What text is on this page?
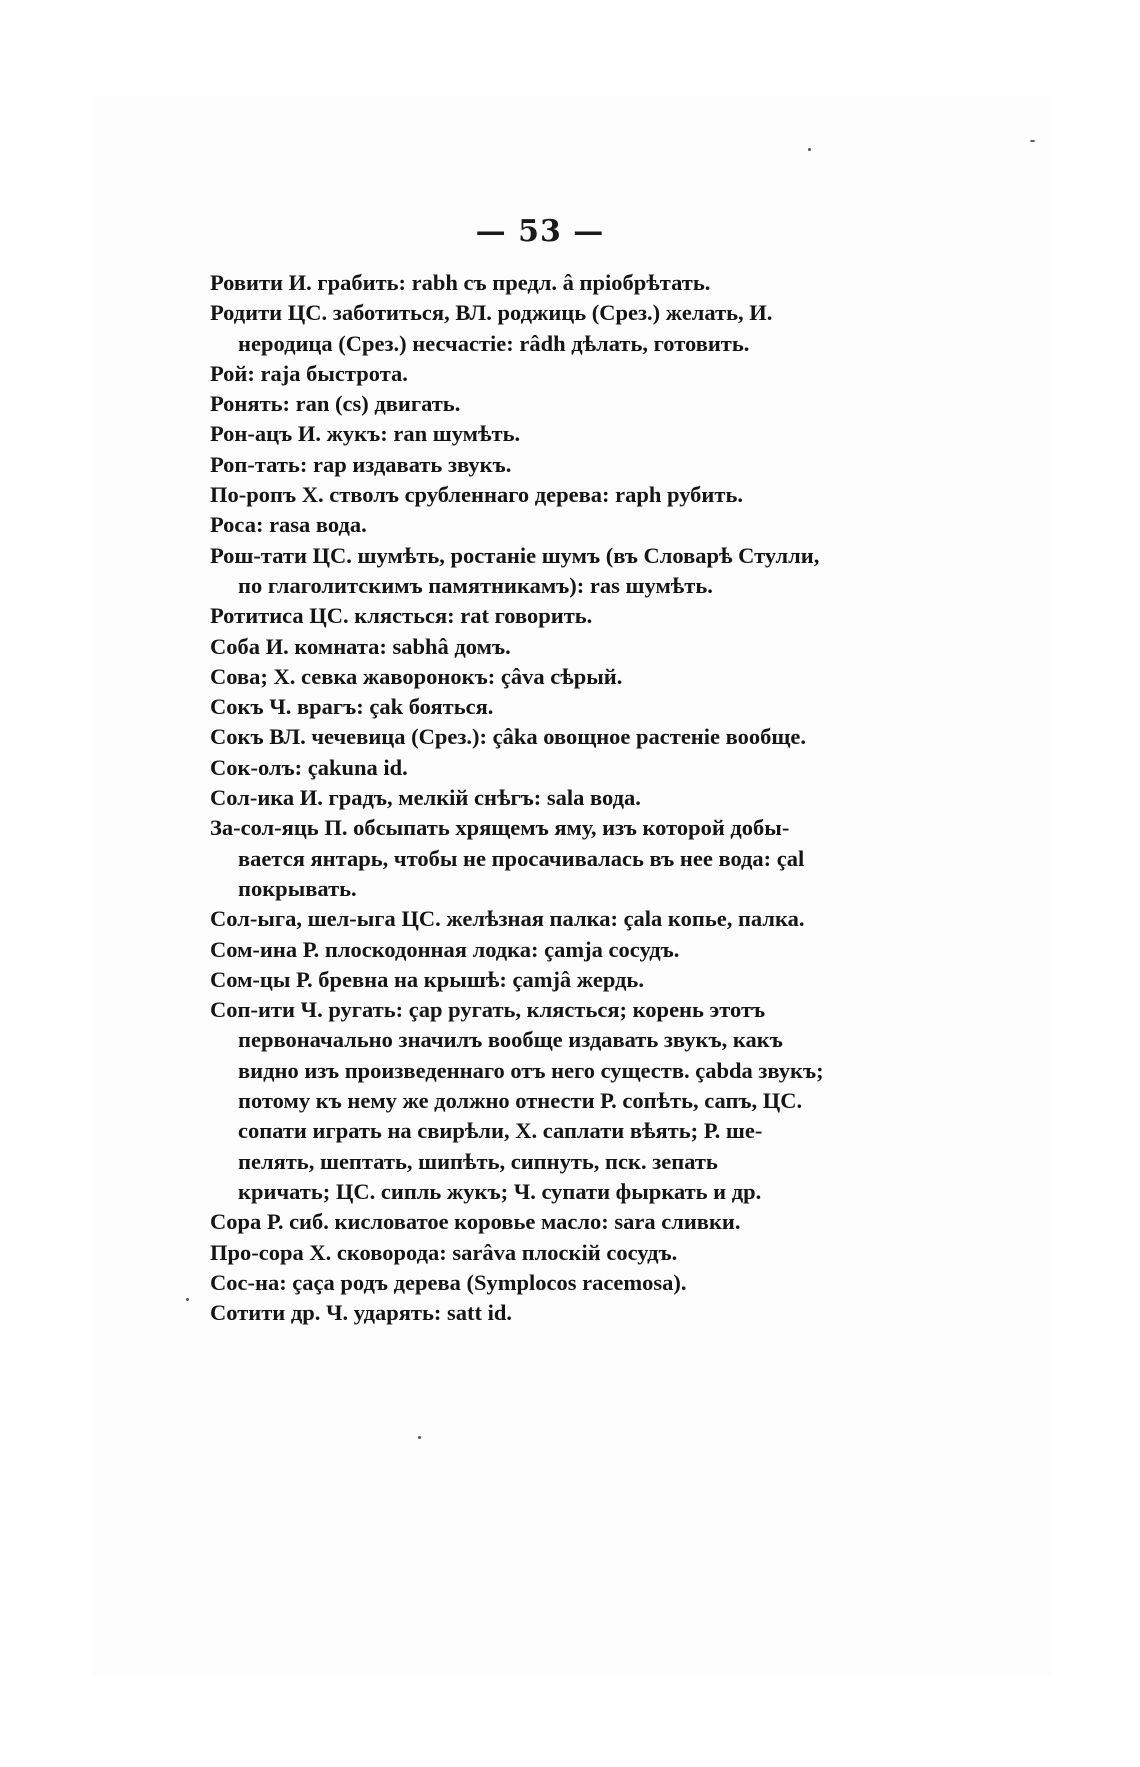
— 53 —
Ровити И. грабить: rabh съ предл. â пріобрѣтать.
Родити ЦС. заботиться, ВЛ. роджиць (Срез.) желать, И.
неродица (Срез.) несчастіе: râdh дѣлать, готовить.
Рой: raja быстрота.
Ронять: ran (cs) двигать.
Рон-ацъ И. жукъ: ran шумѣть.
Роп-тать: rap издавать звукъ.
По-ропъ Х. стволъ срубленнаго дерева: raph рубить.
Роса: rasa вода.
Рош-тати ЦС. шумѣть, ростаніе шумъ (въ Словарѣ Стулли,
по глаголитскимъ памятникамъ): ras шумѣть.
Ротитиса ЦС. клясться: rat говорить.
Соба И. комната: sabhâ домъ.
Сова; Х. севка жаворонокъ: çâva сѣрый.
Сокъ Ч. врагъ: çak бояться.
Сокъ ВЛ. чечевица (Срез.): çâka овощное растеніе вообще.
Сок-олъ: çakuna id.
Сол-ика И. градъ, мелкій снѣгъ: sala вода.
За-сол-яць П. обсыпать хрящемъ яму, изъ которой добы-
вается янтарь, чтобы не просачивалась въ нее вода: çal
покрывать.
Сол-ыга, шел-ыга ЦС. желѣзная палка: çala копье, палка.
Сом-ина Р. плоскодонная лодка: çamja сосудъ.
Сом-цы Р. бревна на крышѣ: çamjâ жердь.
Соп-ити Ч. ругать: çap ругать, клясться; корень этотъ
первоначально значилъ вообще издавать звукъ, какъ
видно изъ произведеннаго отъ него существ. çabda звукъ;
потому къ нему же должно отнести Р. сопѣть, сапъ, ЦС.
сопати играть на свирѣли, Х. саплати вѣять; Р. ше-
пелять, шептать, шипѣть, сипнуть, пск. зепать
кричать; ЦС. сипль жукъ; Ч. супати фыркать и др.
Сора Р. сиб. кисловатое коровье масло: sara сливки.
Про-сора Х. сковорода: sarâva плоскій сосудъ.
Сос-на: çaça родъ дерева (Symplocos racemosa).
Сотити др. Ч. ударять: satt id.
